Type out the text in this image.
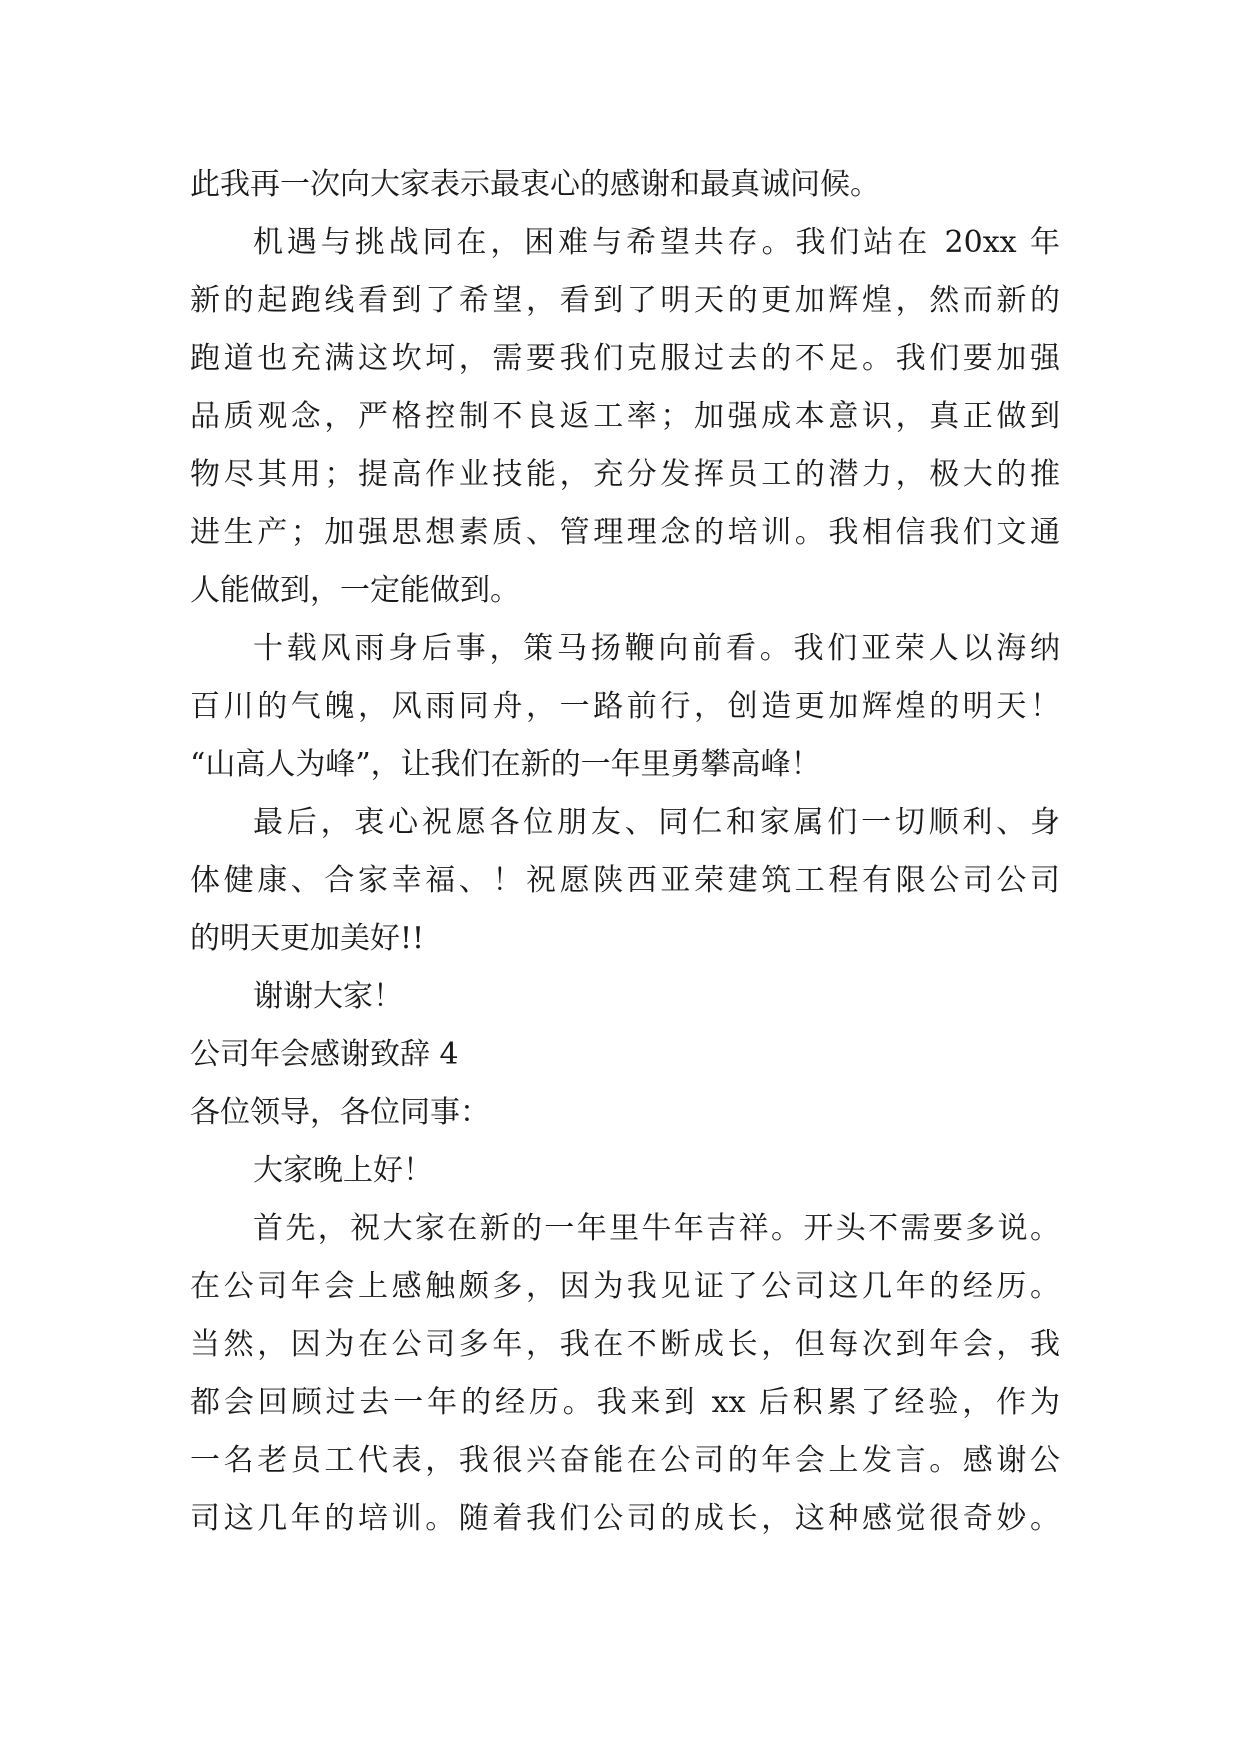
此我再一次向大家表示最衷心的感谢和最真诚问候。
机遇与挑战同在，困难与希望共存。我们站在 20xx 年
新的起跑线看到了希望，看到了明天的更加辉煌，然而新的
跑道也充满这坎坷，需要我们克服过去的不足。我们要加强
品质观念，严格控制不良返工率；加强成本意识，真正做到
物尽其用；提高作业技能，充分发挥员工的潜力，极大的推
进生产；加强思想素质、管理理念的培训。我相信我们文通
人能做到，一定能做到。
十载风雨身后事，策马扬鞭向前看。我们亚荣人以海纳
百川的气魄，风雨同舟，一路前行，创造更加辉煌的明天！
“山高人为峰”，让我们在新的一年里勇攀高峰！
最后，衷心祝愿各位朋友、同仁和家属们一切顺利、身
体健康、合家幸福、！祝愿陕西亚荣建筑工程有限公司公司
的明天更加美好!!
谢谢大家！
公司年会感谢致辞 4
各位领导，各位同事：
大家晚上好！
首先，祝大家在新的一年里牛年吉祥。开头不需要多说。
在公司年会上感触颇多，因为我见证了公司这几年的经历。
当然，因为在公司多年，我在不断成长，但每次到年会，我
都会回顾过去一年的经历。我来到 xx 后积累了经验，作为
一名老员工代表，我很兴奋能在公司的年会上发言。感谢公
司这几年的培训。随着我们公司的成长，这种感觉很奇妙。
